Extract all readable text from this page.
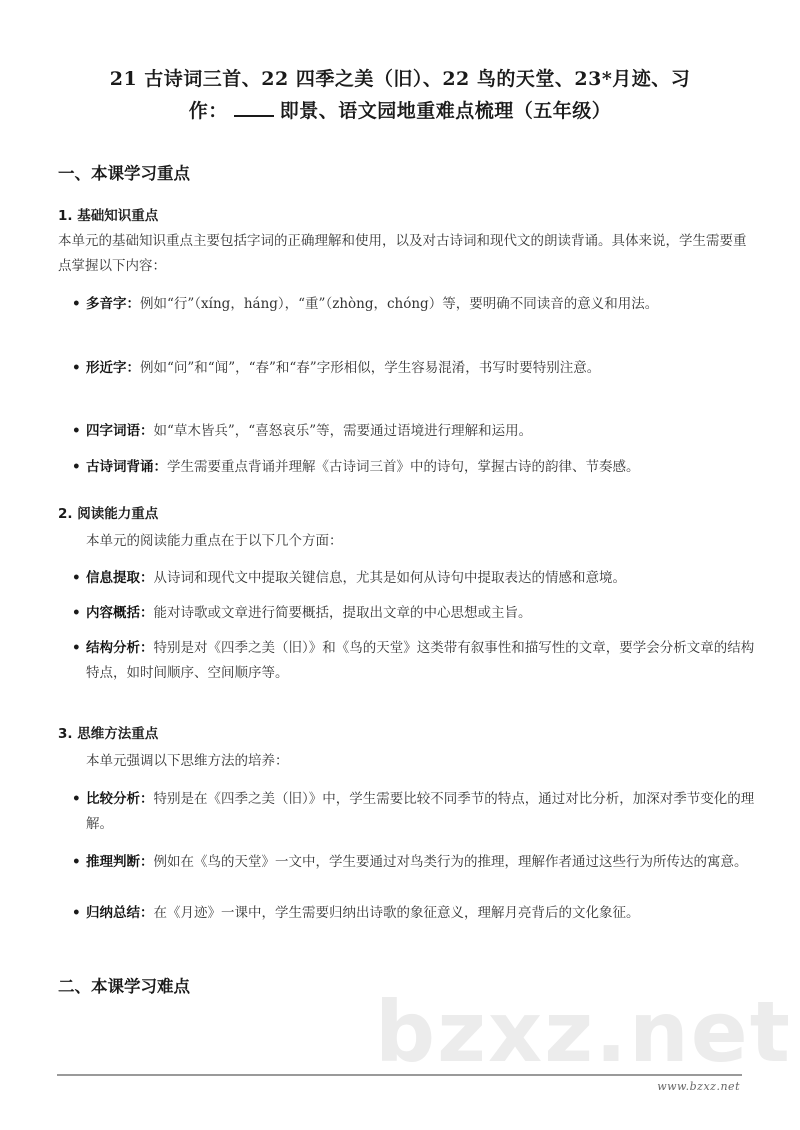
21 古诗词三首、22 四季之美（旧）、22 鸟的天堂、23*月迹、习
作：	即景、语文园地重难点梳理（五年级）
一、本课学习重点
1. 基础知识重点
本单元的基础知识重点主要包括字词的正确理解和使用，以及对古诗词和现代文的朗读背诵。具体来说，学生需要重点掌握以下内容：
• 多音字：例如“行”（xíng，háng），“重”（zhòng，chóng）等，要明确不同读音的意义和用法。
• 形近字：例如“问”和“闻”，“春”和“春”字形相似，学生容易混淆，书写时要特别注意。
• 四字词语：如“草木皆兵”，“喜怒哀乐”等，需要通过语境进行理解和运用。
• 古诗词背诵：学生需要重点背诵并理解《古诗词三首》中的诗句，掌握古诗的韵律、节奏感。
2. 阅读能力重点
本单元的阅读能力重点在于以下几个方面：
• 信息提取：从诗词和现代文中提取关键信息，尤其是如何从诗句中提取表达的情感和意境。
• 内容概括：能对诗歌或文章进行简要概括，提取出文章的中心思想或主旨。
• 结构分析：特别是对《四季之美（旧）》和《鸟的天堂》这类带有叙事性和描写性的文章，要学会分析文章的结构特点，如时间顺序、空间顺序等。
3. 思维方法重点
本单元强调以下思维方法的培养：
• 比较分析：特别是在《四季之美（旧）》中，学生需要比较不同季节的特点，通过对比分析，加深对季节变化的理解。
• 推理判断：例如在《鸟的天堂》一文中，学生要通过对鸟类行为的推理，理解作者通过这些行为所传达的寓意。
• 归纳总结：在《月迹》一课中，学生需要归纳出诗歌的象征意义，理解月亮背后的文化象征。
二、本课学习难点 bzxz.net
www.bzxz.net
